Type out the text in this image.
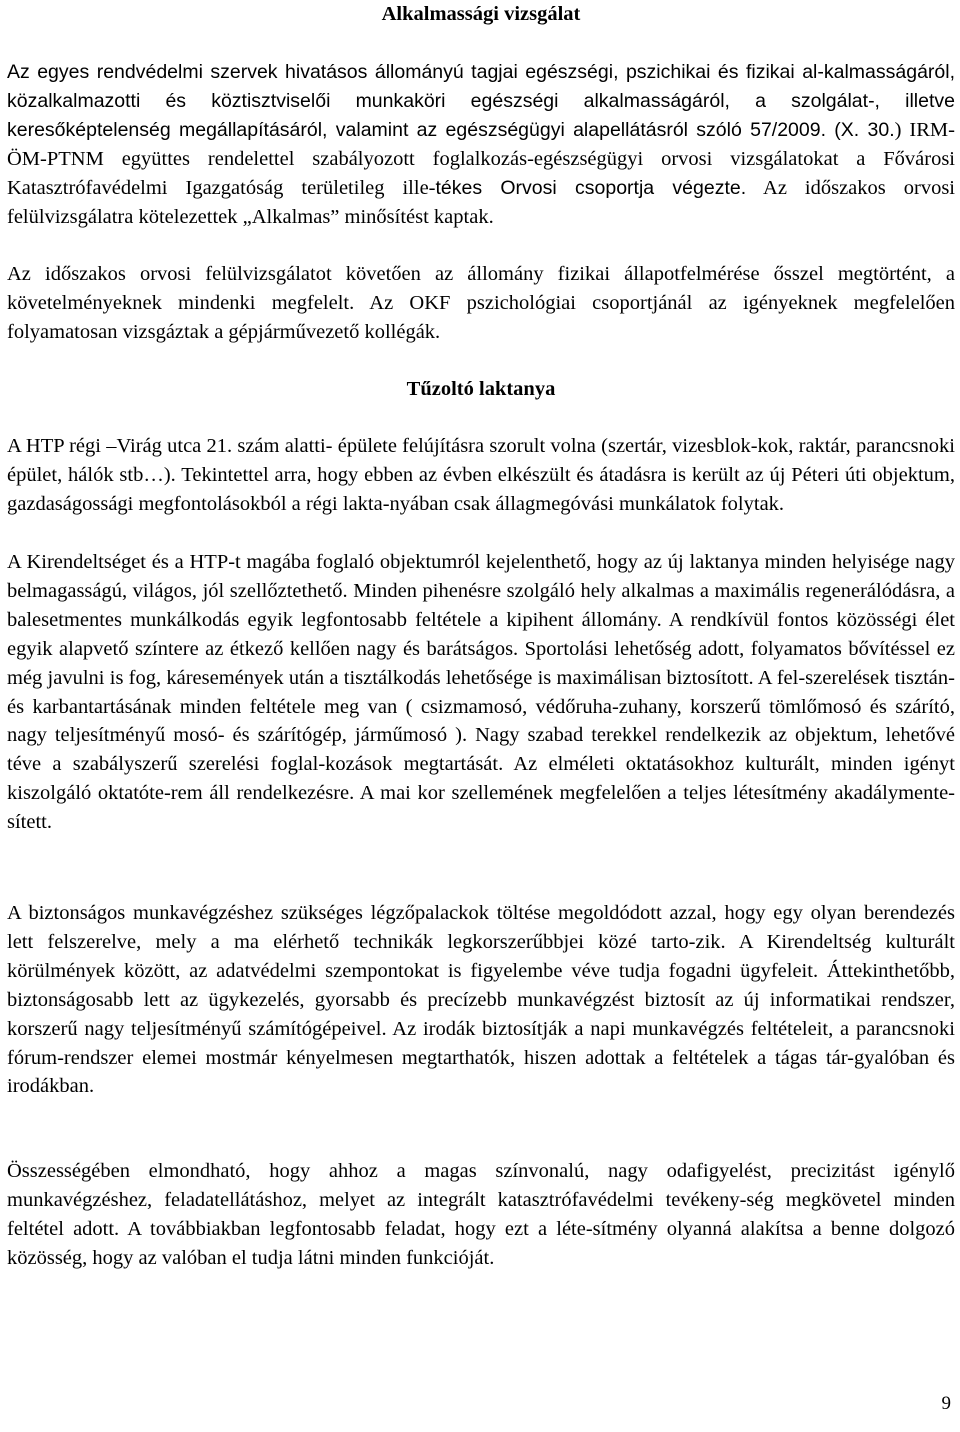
Alkalmassági vizsgálat

Az egyes rendvédelmi szervek hivatásos állományú tagjai egészségi, pszichikai és fizikai al-kalmasságáról, közalkalmazotti és köztisztviselői munkaköri egészségi alkalmasságáról, a szolgálat-, illetve keresőképtelenség megállapításáról, valamint az egészségügyi alapellátásról szóló 57/2009. (X. 30.) IRM-ÖM-PTNM együttes rendelettel szabályozott foglalkozás-egészségügyi orvosi vizsgálatokat a Fővárosi Katasztrófavédelmi Igazgatóság területileg ille-tékes Orvosi csoportja végezte. Az időszakos orvosi felülvizsgálatra kötelezettek „Alkalmas” minősítést kaptak.

Az időszakos orvosi felülvizsgálatot követően az állomány fizikai állapotfelmérése ősszel megtörtént, a követelményeknek mindenki megfelelt. Az OKF pszichológiai csoportjánál az igényeknek megfelelően folyamatosan vizsgáztak a gépjárművezető kollégák.

Tűzoltó laktanya

A HTP régi –Virág utca 21. szám alatti- épülete felújításra szorult volna (szertár, vizesblok-kok, raktár, parancsnoki épület, hálók stb…). Tekintettel arra, hogy ebben az évben elkészült és átadásra is került az új Péteri úti objektum, gazdaságossági megfontolásokból a régi lakta-nyában csak állagmegóvási munkálatok folytak.

A Kirendeltséget és a HTP-t magába foglaló objektumról kejelenthető, hogy az új laktanya minden helyisége nagy belmagasságú, világos, jól szellőztethető. Minden pihenésre szolgáló hely alkalmas a maximális regenerálódásra, a balesetmentes munkálkodás egyik legfontosabb feltétele a kipihent állomány. A rendkívül fontos közösségi élet egyik alapvető színtere az étkező kellően nagy és barátságos. Sportolási lehetőség adott, folyamatos bővítéssel ez még javulni is fog, káresemények után a tisztálkodás lehetősége is maximálisan biztosított. A fel-szerelések tisztán- és karbantartásának minden feltétele meg van ( csizmamosó, védőruha-zuhany, korszerű tömlőmosó és szárító, nagy teljesítményű mosó- és szárítógép, járműmosó ). Nagy szabad terekkel rendelkezik az objektum, lehetővé téve a szabályszerű szerelési foglal-kozások megtartását. Az elméleti oktatásokhoz kulturált, minden igényt kiszolgáló oktatóte-rem áll rendelkezésre. A mai kor szellemének megfelelően a teljes létesítmény akadálymente-sített.

A biztonságos munkavégzéshez szükséges légzőpalackok töltése megoldódott azzal, hogy egy olyan berendezés lett felszerelve, mely a ma elérhető technikák legkorszerűbbjei közé tarto-zik. A Kirendeltség kulturált körülmények között, az adatvédelmi szempontokat is figyelembe véve tudja fogadni ügyfeleit. Áttekinthetőbb, biztonságosabb lett az ügykezelés, gyorsabb és precízebb munkavégzést biztosít az új informatikai rendszer, korszerű nagy teljesítményű számítógépeivel. Az irodák biztosítják a napi munkavégzés feltételeit, a parancsnoki fórum-rendszer elemei mostmár kényelmesen megtarthatók, hiszen adottak a feltételek a tágas tár-gyalóban és irodákban.

Összességében elmondható, hogy ahhoz a magas színvonalú, nagy odafigyelést, precizitást igénylő munkavégzéshez, feladatellátáshoz, melyet az integrált katasztrófavédelmi tevékeny-ség megkövetel minden feltétel adott. A továbbiakban legfontosabb feladat, hogy ezt a léte-sítmény olyanná alakítsa a benne dolgozó közösség, hogy az valóban el tudja látni minden funkcióját.

9
